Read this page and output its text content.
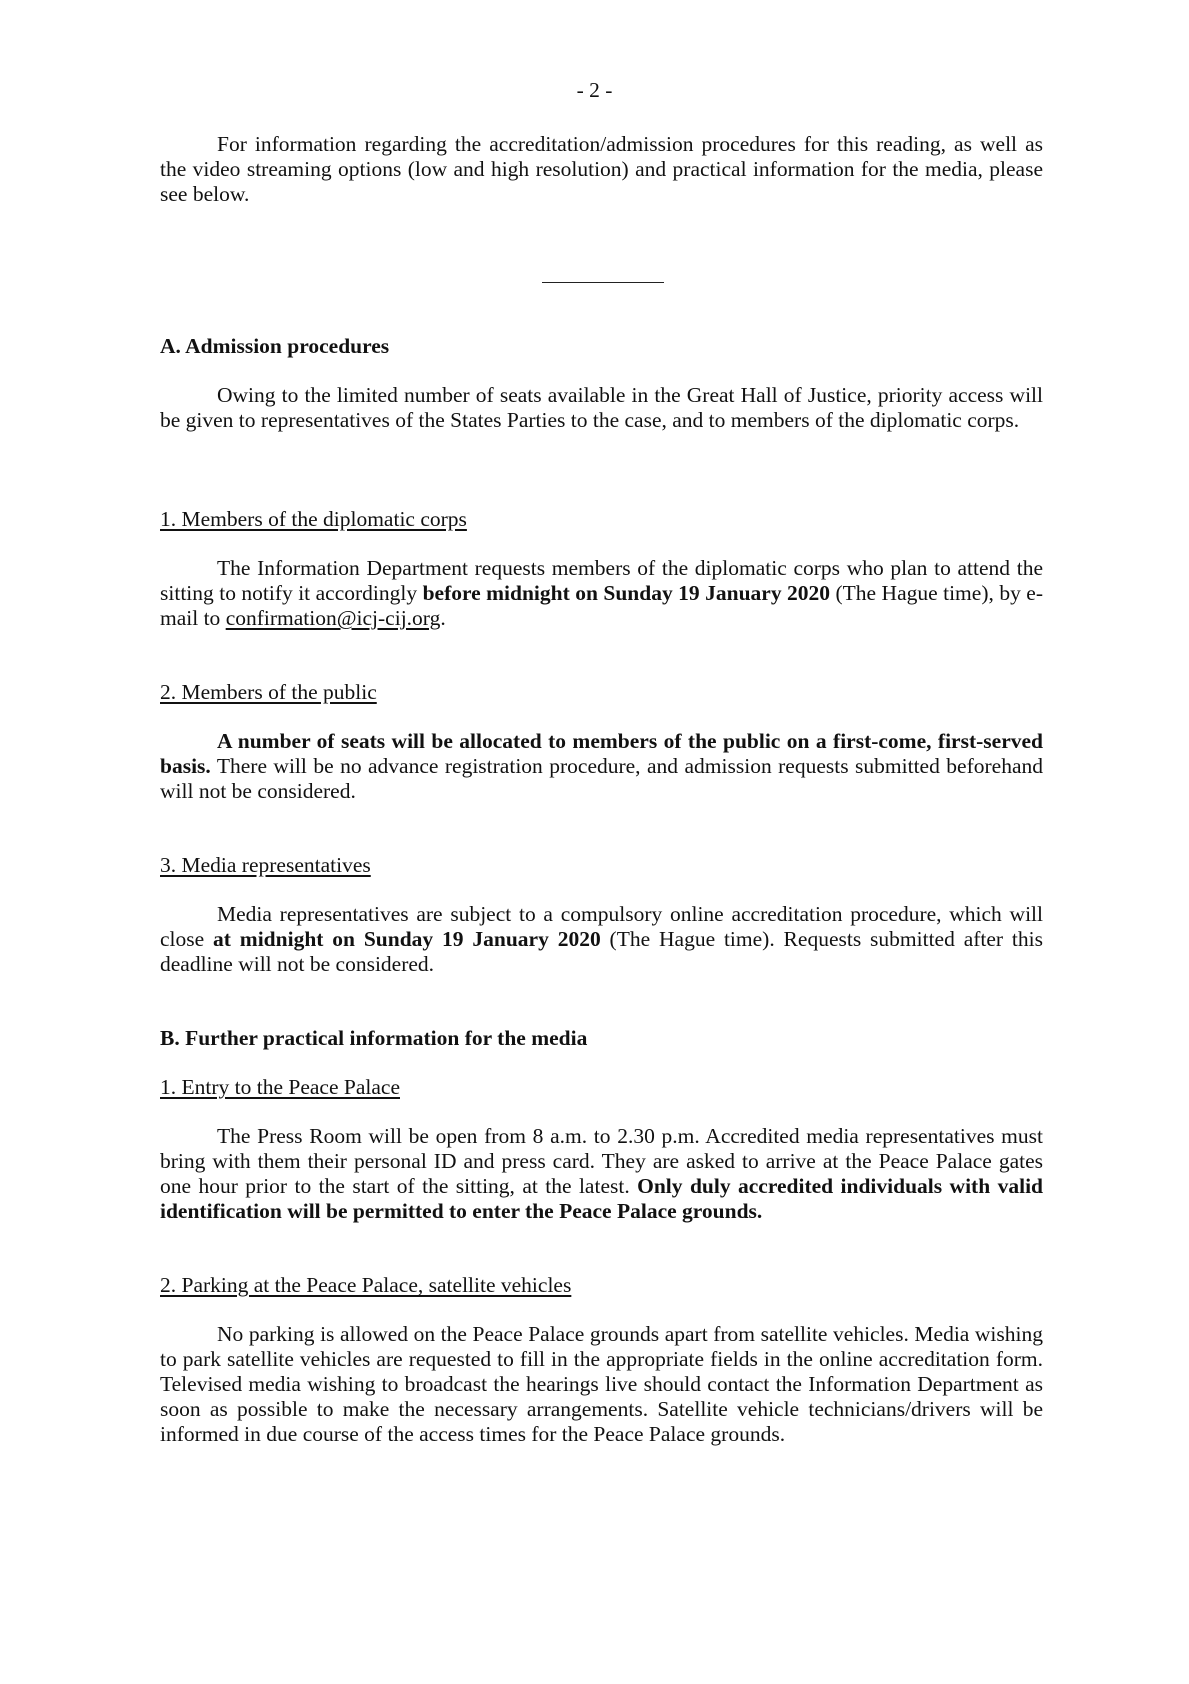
- 2 -

For information regarding the accreditation/admission procedures for this reading, as well as the video streaming options (low and high resolution) and practical information for the media, please see below.

A. Admission procedures

Owing to the limited number of seats available in the Great Hall of Justice, priority access will be given to representatives of the States Parties to the case, and to members of the diplomatic corps.

1. Members of the diplomatic corps

The Information Department requests members of the diplomatic corps who plan to attend the sitting to notify it accordingly before midnight on Sunday 19 January 2020 (The Hague time), by e-mail to confirmation@icj-cij.org.

2. Members of the public

A number of seats will be allocated to members of the public on a first-come, first-served basis. There will be no advance registration procedure, and admission requests submitted beforehand will not be considered.

3. Media representatives

Media representatives are subject to a compulsory online accreditation procedure, which will close at midnight on Sunday 19 January 2020 (The Hague time). Requests submitted after this deadline will not be considered.

B. Further practical information for the media

1. Entry to the Peace Palace

The Press Room will be open from 8 a.m. to 2.30 p.m. Accredited media representatives must bring with them their personal ID and press card. They are asked to arrive at the Peace Palace gates one hour prior to the start of the sitting, at the latest. Only duly accredited individuals with valid identification will be permitted to enter the Peace Palace grounds.

2. Parking at the Peace Palace, satellite vehicles

No parking is allowed on the Peace Palace grounds apart from satellite vehicles. Media wishing to park satellite vehicles are requested to fill in the appropriate fields in the online accreditation form. Televised media wishing to broadcast the hearings live should contact the Information Department as soon as possible to make the necessary arrangements. Satellite vehicle technicians/drivers will be informed in due course of the access times for the Peace Palace grounds.
